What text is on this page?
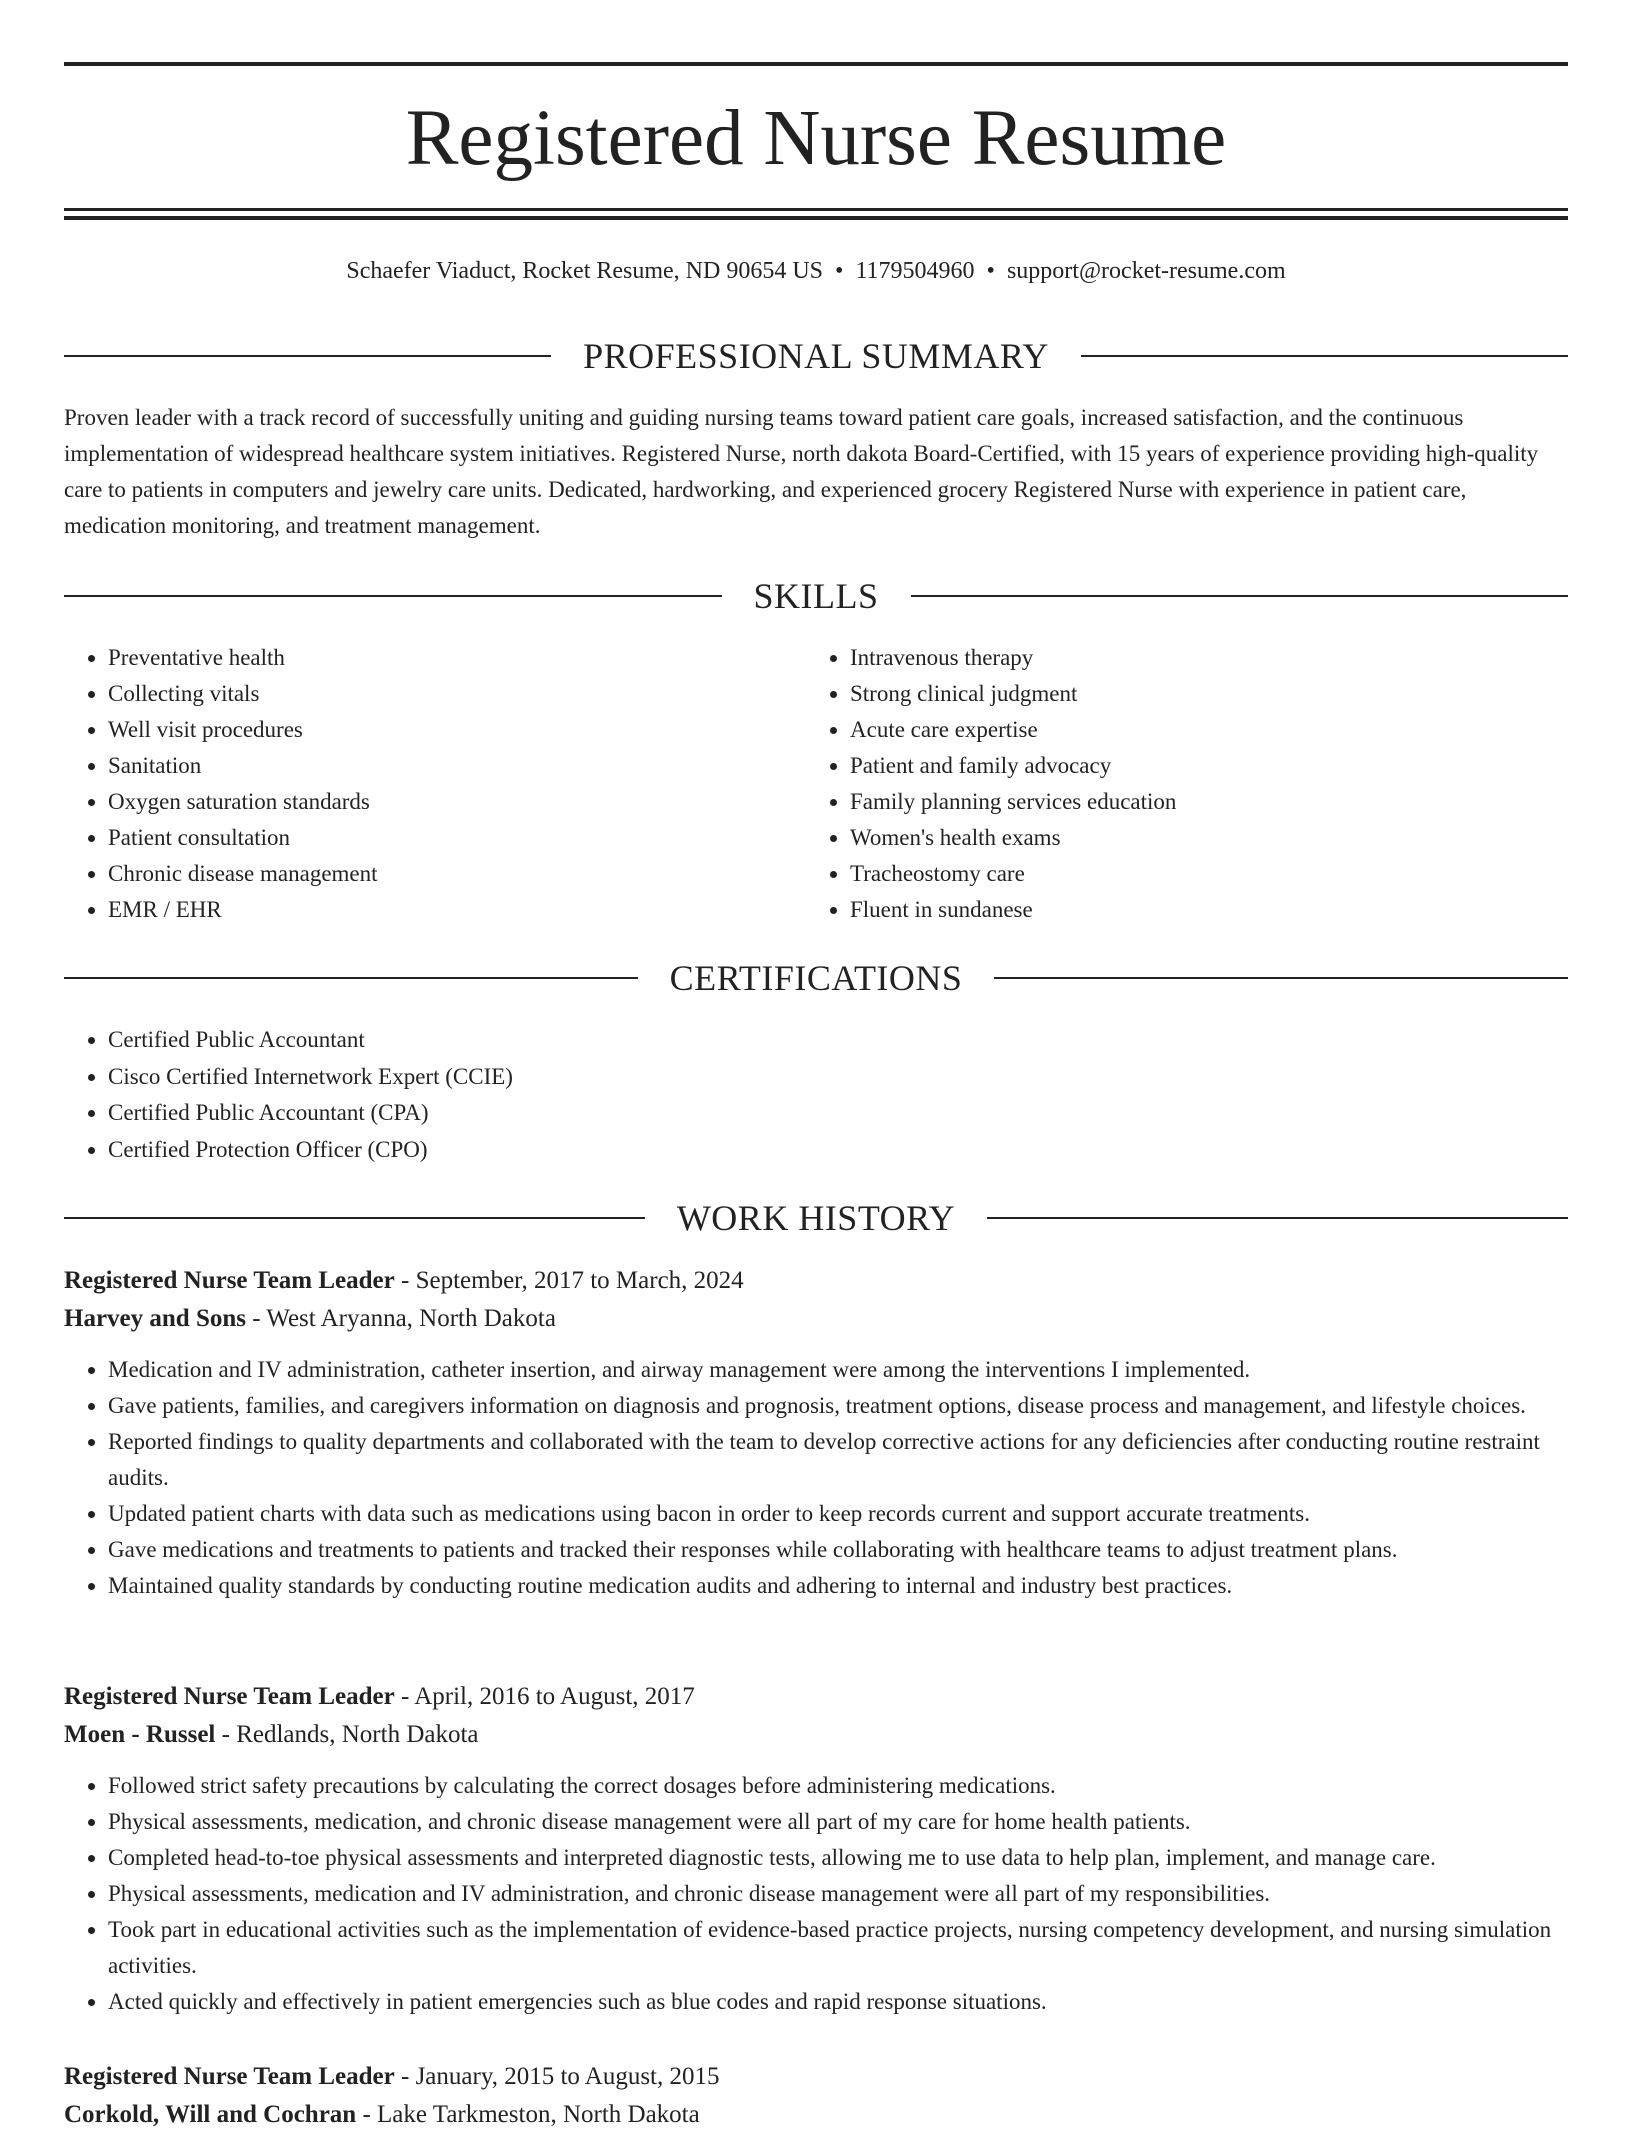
Registered Nurse Resume
Schaefer Viaduct, Rocket Resume, ND 90654 US • 1179504960 • support@rocket-resume.com
PROFESSIONAL SUMMARY

Proven leader with a track record of successfully uniting and guiding nursing teams toward patient care goals, increased satisfaction, and the continuous implementation of widespread healthcare system initiatives. Registered Nurse, north dakota Board-Certified, with 15 years of experience providing high-quality care to patients in computers and jewelry care units. Dedicated, hardworking, and experienced grocery Registered Nurse with experience in patient care, medication monitoring, and treatment management.

SKILLS
• Preventative health
• Collecting vitals
• Well visit procedures
• Sanitation
• Oxygen saturation standards
• Patient consultation
• Chronic disease management
• EMR / EHR
• Intravenous therapy
• Strong clinical judgment
• Acute care expertise
• Patient and family advocacy
• Family planning services education
• Women's health exams
• Tracheostomy care
• Fluent in sundanese
CERTIFICATIONS
• Certified Public Accountant
• Cisco Certified Internetwork Expert (CCIE)
• Certified Public Accountant (CPA)
• Certified Protection Officer (CPO)
WORK HISTORY
Registered Nurse Team Leader - September, 2017 to March, 2024
Harvey and Sons - West Aryanna, North Dakota
• Medication and IV administration, catheter insertion, and airway management were among the interventions I implemented.
• Gave patients, families, and caregivers information on diagnosis and prognosis, treatment options, disease process and management, and lifestyle choices.
• Reported findings to quality departments and collaborated with the team to develop corrective actions for any deficiencies after conducting routine restraint audits.
• Updated patient charts with data such as medications using bacon in order to keep records current and support accurate treatments.
• Gave medications and treatments to patients and tracked their responses while collaborating with healthcare teams to adjust treatment plans.
• Maintained quality standards by conducting routine medication audits and adhering to internal and industry best practices.
Registered Nurse Team Leader - April, 2016 to August, 2017
Moen - Russel - Redlands, North Dakota
• Followed strict safety precautions by calculating the correct dosages before administering medications.
• Physical assessments, medication, and chronic disease management were all part of my care for home health patients.
• Completed head-to-toe physical assessments and interpreted diagnostic tests, allowing me to use data to help plan, implement, and manage care.
• Physical assessments, medication and IV administration, and chronic disease management were all part of my responsibilities.
• Took part in educational activities such as the implementation of evidence-based practice projects, nursing competency development, and nursing simulation activities.
• Acted quickly and effectively in patient emergencies such as blue codes and rapid response situations.
Registered Nurse Team Leader - January, 2015 to August, 2015
Corkold, Will and Cochran - Lake Tarkmeston, North Dakota
